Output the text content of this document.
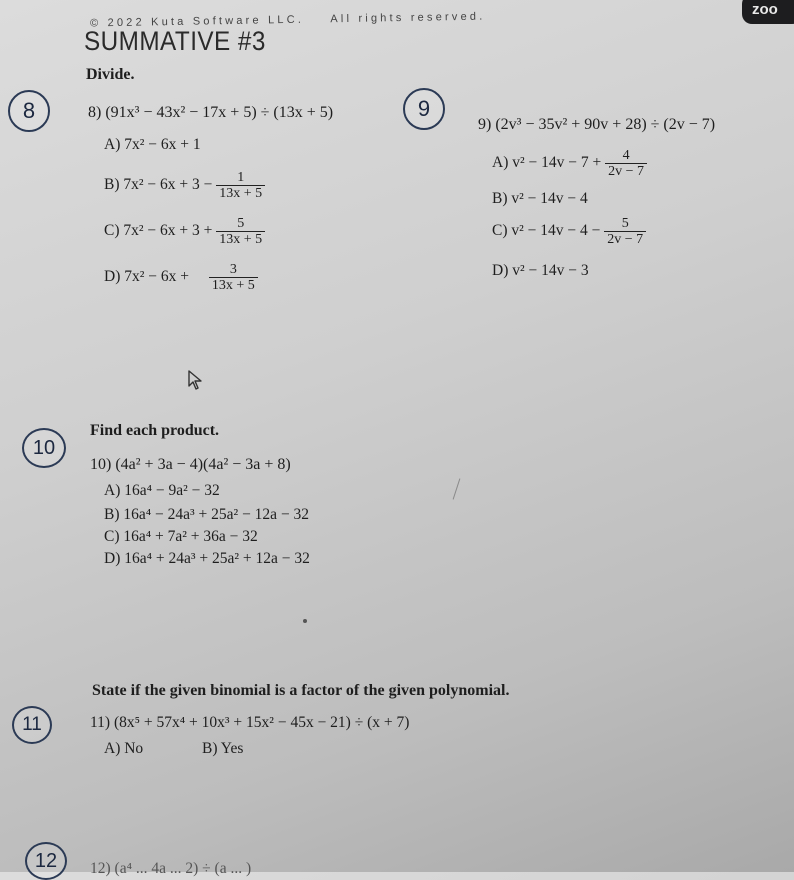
© 2022 Kuta Software LLC. All rights reserved.
SUMMATIVE #3
Divide.
zoo
8	9
10
11
12
8) (91x³ − 43x² − 17x + 5) ÷ (13x + 5)
A) 7x² − 6x + 1
B) $7x^2 - 6x + 3 - \frac{1}{13x + 5}$
C) $7x^2 - 6x + 3 + \frac{5}{13x + 5}$
D) $7x^2 - 6x + \frac{3}{13x + 5}$
9) (2v³ − 35v² + 90v + 28) ÷ (2v − 7)
A) $v^2 - 14v - 7 + \frac{4}{2v - 7}$
B) v² − 14v − 4
C) $v^2 - 14v - 4 - \frac{5}{2v - 7}$
D) v² − 14v − 3
Find each product.
10) (4a² + 3a − 4)(4a² − 3a + 8)
A) 16a⁴ − 9a² − 32
B) 16a⁴ − 24a³ + 25a² − 12a − 32
C) 16a⁴ + 7a² + 36a − 32
D) 16a⁴ + 24a³ + 25a² + 12a − 32
State if the given binomial is a factor of the given polynomial.
11) (8x⁵ + 57x⁴ + 10x³ + 15x² − 45x − 21) ÷ (x + 7)
A) No	B) Yes
12) (a⁴ ... 4a ... 2) ÷ (a ... )
